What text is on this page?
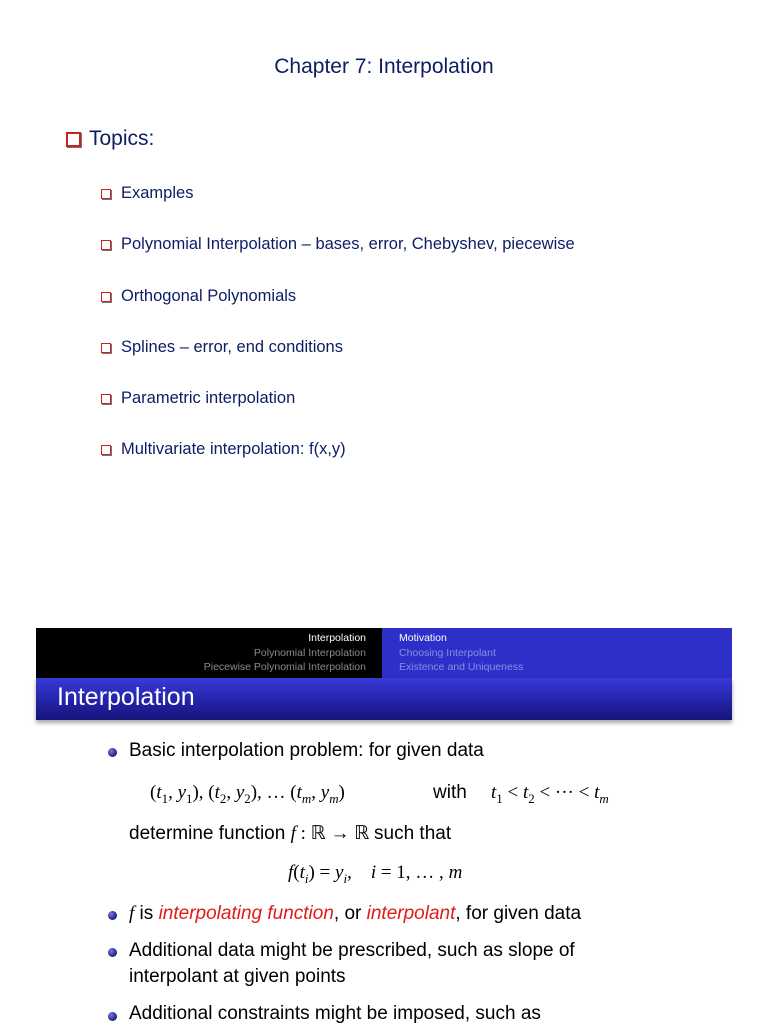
Chapter 7: Interpolation
Topics:
Examples
Polynomial Interpolation – bases, error, Chebyshev, piecewise
Orthogonal Polynomials
Splines – error, end conditions
Parametric interpolation
Multivariate interpolation: f(x,y)
Interpolation
Polynomial Interpolation
Piecewise Polynomial Interpolation
Motivation
Choosing Interpolant
Existence and Uniqueness
Interpolation
Basic interpolation problem: for given data
($t_1$, $y_1$), ($t_2$, $y_2$), … ($t_m$, $y_m$)	with $t_1 < t_2$ < ··· < $t_m$
determine function f : ℝ → ℝ such that
$f(t_i) = y_i$,    i = 1, … , m
f is interpolating function, or interpolant, for given data
Additional data might be prescribed, such as slope of
interpolant at given points
Additional constraints might be imposed, such as
